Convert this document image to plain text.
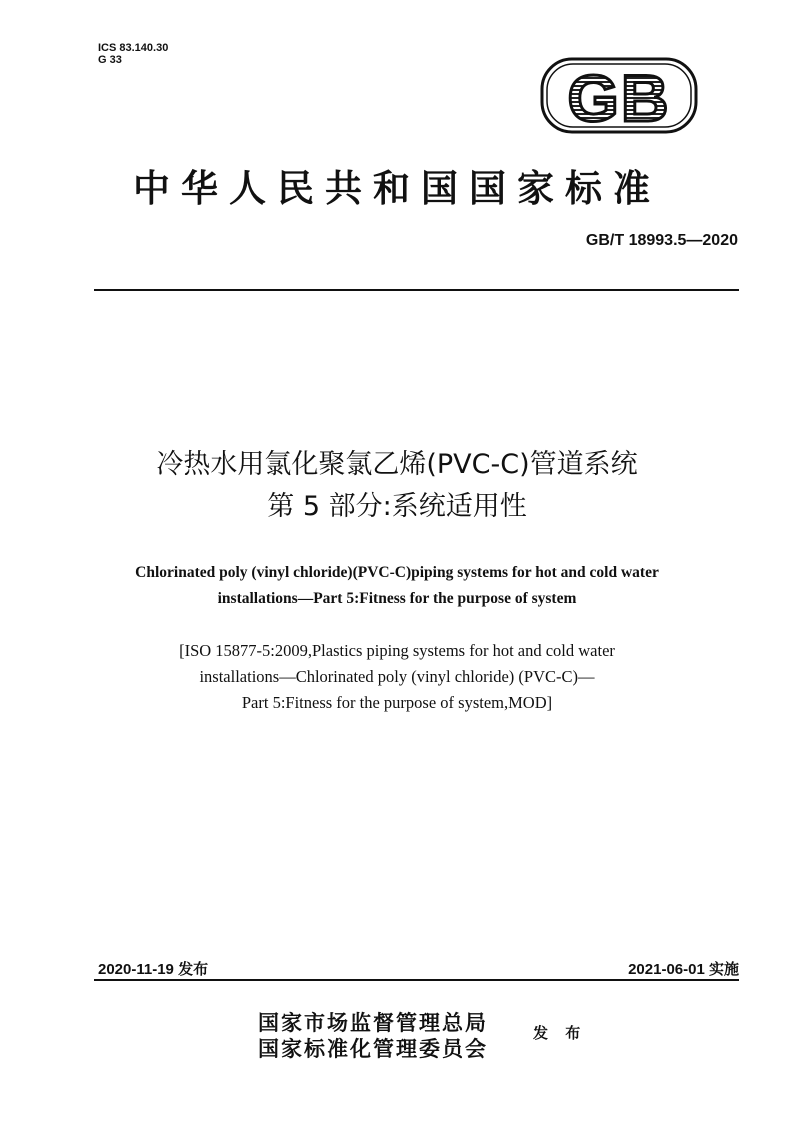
ICS 83.140.30
G 33
GB
中华人民共和国国家标准
GB/T 18993.5—2020
冷热水用氯化聚氯乙烯(PVC-C)管道系统
第 5 部分:系统适用性
Chlorinated poly (vinyl chloride)(PVC-C)piping systems for hot and cold water
installations—Part 5:Fitness for the purpose of system
[ISO 15877-5:2009,Plastics piping systems for hot and cold water
installations—Chlorinated poly (vinyl chloride) (PVC-C)—
Part 5:Fitness for the purpose of system,MOD]
2020-11-19 发布	2021-06-01 实施
国家市场监督管理总局
国家标准化管理委员会
发 布
